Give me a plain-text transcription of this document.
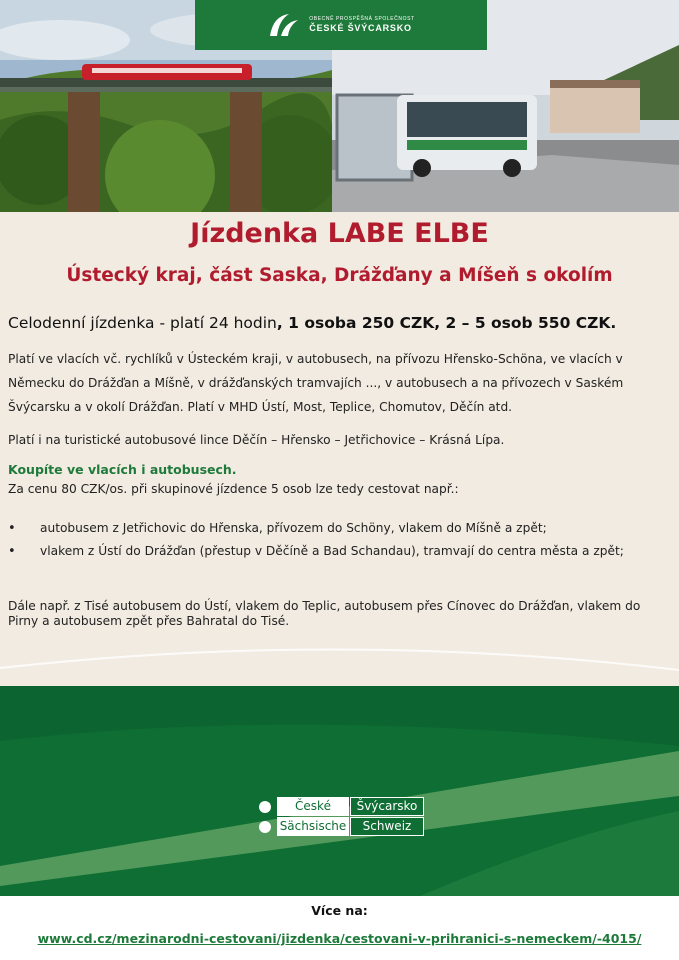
OBECNĚ PROSPĚŠNÁ SPOLEČNOST
ČESKÉ ŠVÝCARSKO
Jízdenka LABE ELBE
Ústecký kraj, část Saska, Drážďany a Míšeň s okolím
Celodenní jízdenka - platí 24 hodin, 1 osoba 250 CZK, 2 – 5 osob 550 CZK.
Platí ve vlacích vč. rychlíků v Ústeckém kraji, v autobusech, na přívozu Hřensko-Schöna, ve vlacích v Německu do Drážďan a Míšně, v drážďanských tramvajích ..., v autobusech a na přívozech v Saském Švýcarsku a v okolí Drážďan. Platí v MHD Ústí, Most, Teplice, Chomutov, Děčín atd.
Platí i na turistické autobusové lince Děčín – Hřensko – Jetřichovice – Krásná Lípa.
Koupíte ve vlacích i autobusech.
Za cenu 80 CZK/os. při skupinové jízdence 5 osob lze tedy cestovat např.:
• autobusem z Jetřichovic do Hřenska, přívozem do Schöny, vlakem do Míšně a zpět;
• vlakem z Ústí do Drážďan (přestup v Děčíně a Bad Schandau), tramvají do centra města a zpět;
Dále např. z Tisé autobusem do Ústí, vlakem do Teplic, autobusem přes Cínovec do Drážďan, vlakem do Pirny a autobusem zpět přes Bahratal do Tisé.
České	Švýcarsko
Sächsische	Schweiz
Více na:
www.cd.cz/mezinarodni-cestovani/jizdenka/cestovani-v-prihranici-s-nemeckem/-4015/
